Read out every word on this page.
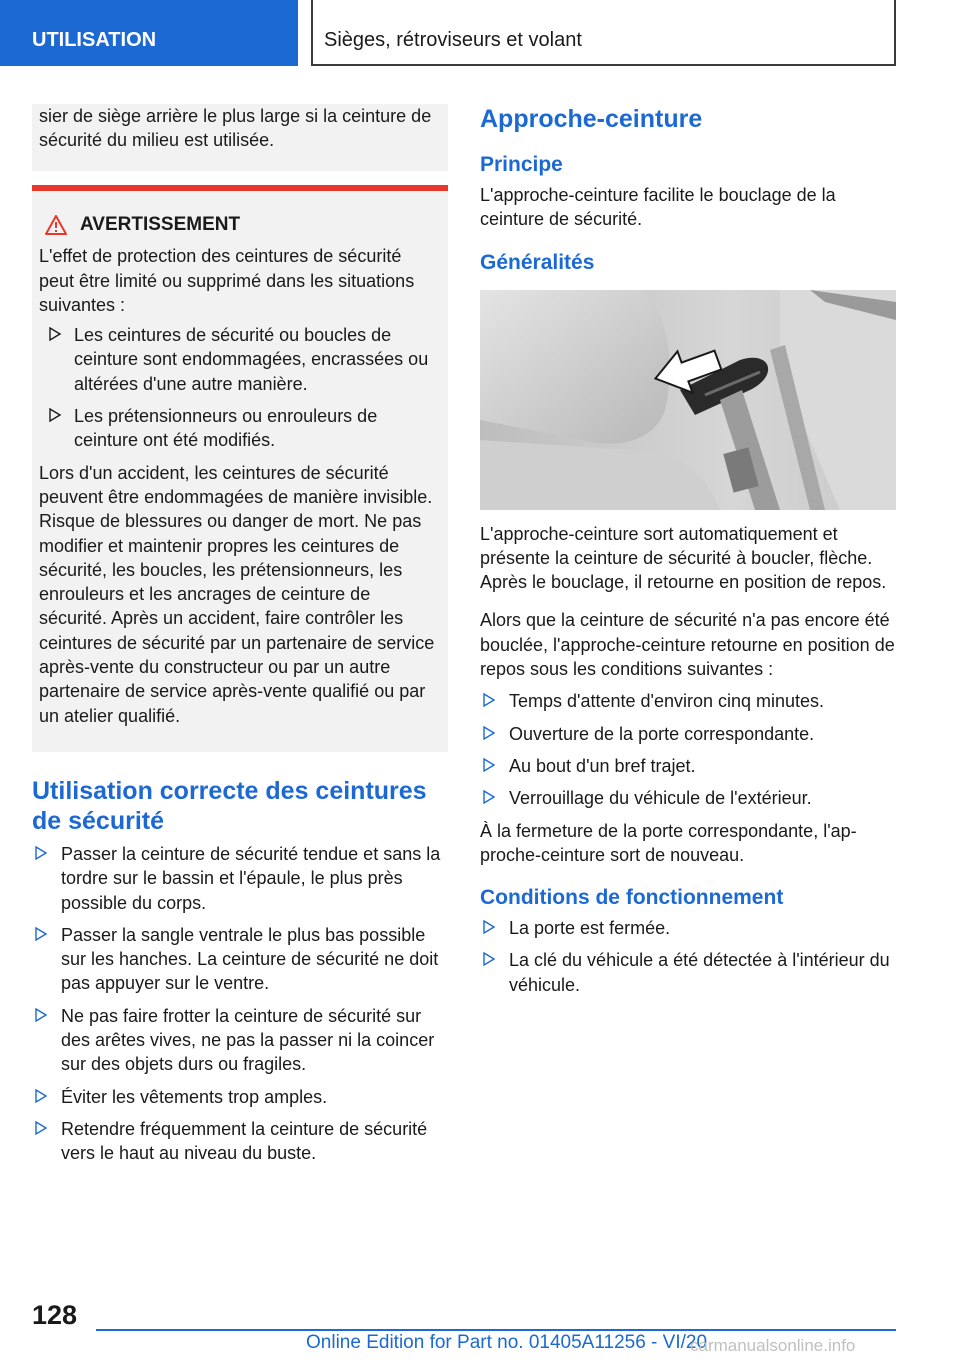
UTILISATION	Sièges, rétroviseurs et volant

sier de siège arrière le plus large si la ceinture de sécurité du milieu est utilisée.

AVERTISSEMENT

L'effet de protection des ceintures de sécurité peut être limité ou supprimé dans les situations suivantes :

Les ceintures de sécurité ou boucles de ceinture sont endommagées, encrassées ou altérées d'une autre manière.
Les prétensionneurs ou enrouleurs de ceinture ont été modifiés.

Lors d'un accident, les ceintures de sécurité peuvent être endommagées de manière invisible. Risque de blessures ou danger de mort. Ne pas modifier et maintenir propres les ceintures de sécurité, les boucles, les prétensionneurs, les enrouleurs et les ancrages de ceinture de sécurité. Après un accident, faire contrôler les ceintures de sécurité par un partenaire de service après-vente du constructeur ou par un autre partenaire de service après-vente qualifié ou par un atelier qualifié.

Utilisation correcte des ceintures de sécurité
Passer la ceinture de sécurité tendue et sans la tordre sur le bassin et l'épaule, le plus près possible du corps.
Passer la sangle ventrale le plus bas possible sur les hanches. La ceinture de sécurité ne doit pas appuyer sur le ventre.
Ne pas faire frotter la ceinture de sécurité sur des arêtes vives, ne pas la passer ni la coincer sur des objets durs ou fragiles.
Éviter les vêtements trop amples.
Retendre fréquemment la ceinture de sécurité vers le haut au niveau du buste.
Approche-ceinture
Principe

L'approche-ceinture facilite le bouclage de la ceinture de sécurité.

Généralités

L'approche-ceinture sort automatiquement et présente la ceinture de sécurité à boucler, flèche. Après le bouclage, il retourne en position de repos.

Alors que la ceinture de sécurité n'a pas encore été bouclée, l'approche-ceinture retourne en position de repos sous les conditions suivantes :

Temps d'attente d'environ cinq minutes.
Ouverture de la porte correspondante.
Au bout d'un bref trajet.
Verrouillage du véhicule de l'extérieur.

À la fermeture de la porte correspondante, l'approche-ceinture sort de nouveau.

Conditions de fonctionnement
La porte est fermée.
La clé du véhicule a été détectée à l'intérieur du véhicule.
128
Online Edition for Part no. 01405A11256 - VI/20
carmanualsonline.info
